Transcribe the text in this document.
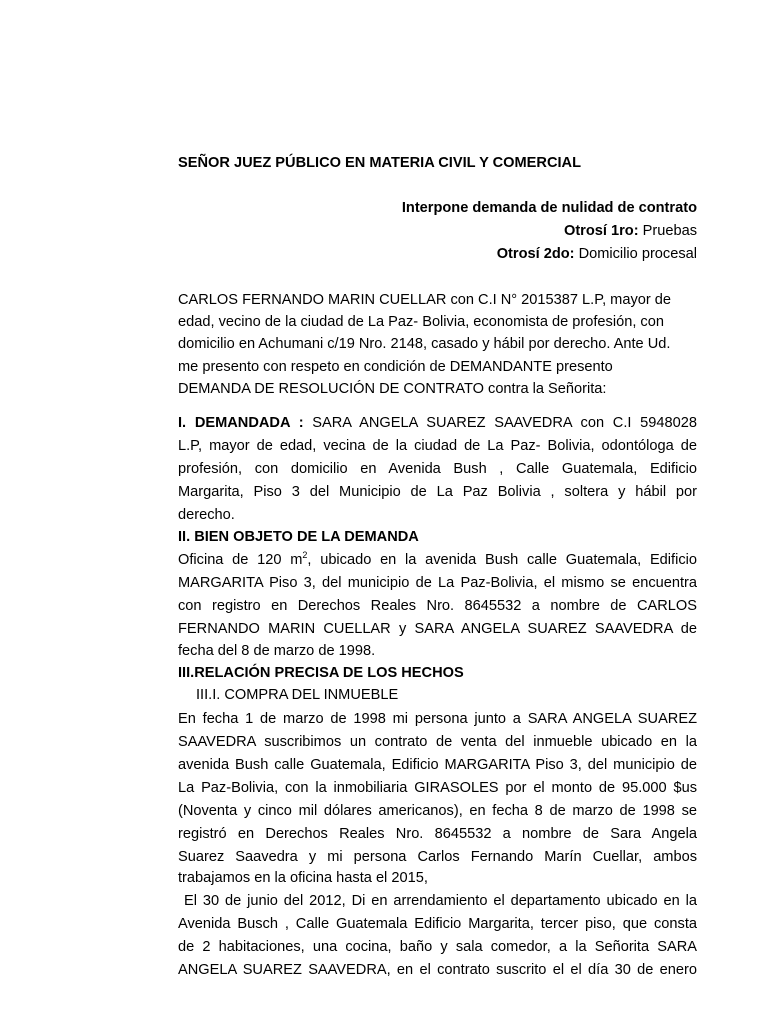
SEÑOR JUEZ PÚBLICO EN MATERIA CIVIL Y COMERCIAL
Interpone demanda de nulidad de contrato
Otrosí 1ro: Pruebas
Otrosí 2do: Domicilio procesal
CARLOS FERNANDO MARIN CUELLAR con C.I N° 2015387 L.P, mayor de
edad, vecino de la ciudad de La Paz- Bolivia, economista de profesión, con
domicilio en Achumani c/19 Nro. 2148, casado y hábil por derecho. Ante Ud.
me presento con respeto en condición de DEMANDANTE presento
DEMANDA DE RESOLUCIÓN DE CONTRATO contra la Señorita:
I. DEMANDADA : SARA ANGELA SUAREZ SAAVEDRA con C.I 5948028
L.P, mayor de edad, vecina de la ciudad de La Paz- Bolivia, odontóloga de
profesión, con domicilio en Avenida Bush , Calle Guatemala, Edificio
Margarita, Piso 3 del Municipio de La Paz Bolivia , soltera y hábil por
derecho.
II. BIEN OBJETO DE LA DEMANDA
Oficina de 120 $m^2$, ubicado en la avenida Bush calle Guatemala, Edificio
MARGARITA Piso 3, del municipio de La Paz-Bolivia, el mismo se encuentra
con registro en Derechos Reales Nro. 8645532 a nombre de CARLOS
FERNANDO MARIN CUELLAR y SARA ANGELA SUAREZ SAAVEDRA de
fecha del 8 de marzo de 1998.
III.RELACIÓN PRECISA DE LOS HECHOS
III.I. COMPRA DEL INMUEBLE
En fecha 1 de marzo de 1998 mi persona junto a SARA ANGELA SUAREZ
SAAVEDRA suscribimos un contrato de venta del inmueble ubicado en la
avenida Bush calle Guatemala, Edificio MARGARITA Piso 3, del municipio de
La Paz-Bolivia, con la inmobiliaria GIRASOLES por el monto de 95.000 $us
(Noventa y cinco mil dólares americanos), en fecha 8 de marzo de 1998 se
registró en Derechos Reales Nro. 8645532 a nombre de Sara Angela
Suarez Saavedra y mi persona Carlos Fernando Marín Cuellar, ambos
trabajamos en la oficina hasta el 2015,
El 30 de junio del 2012, Di en arrendamiento el departamento ubicado en la
Avenida Busch , Calle Guatemala Edificio Margarita, tercer piso, que consta
de 2 habitaciones, una cocina, baño y sala comedor, a la Señorita SARA
ANGELA SUAREZ SAAVEDRA, en el contrato suscrito el el día 30 de enero
